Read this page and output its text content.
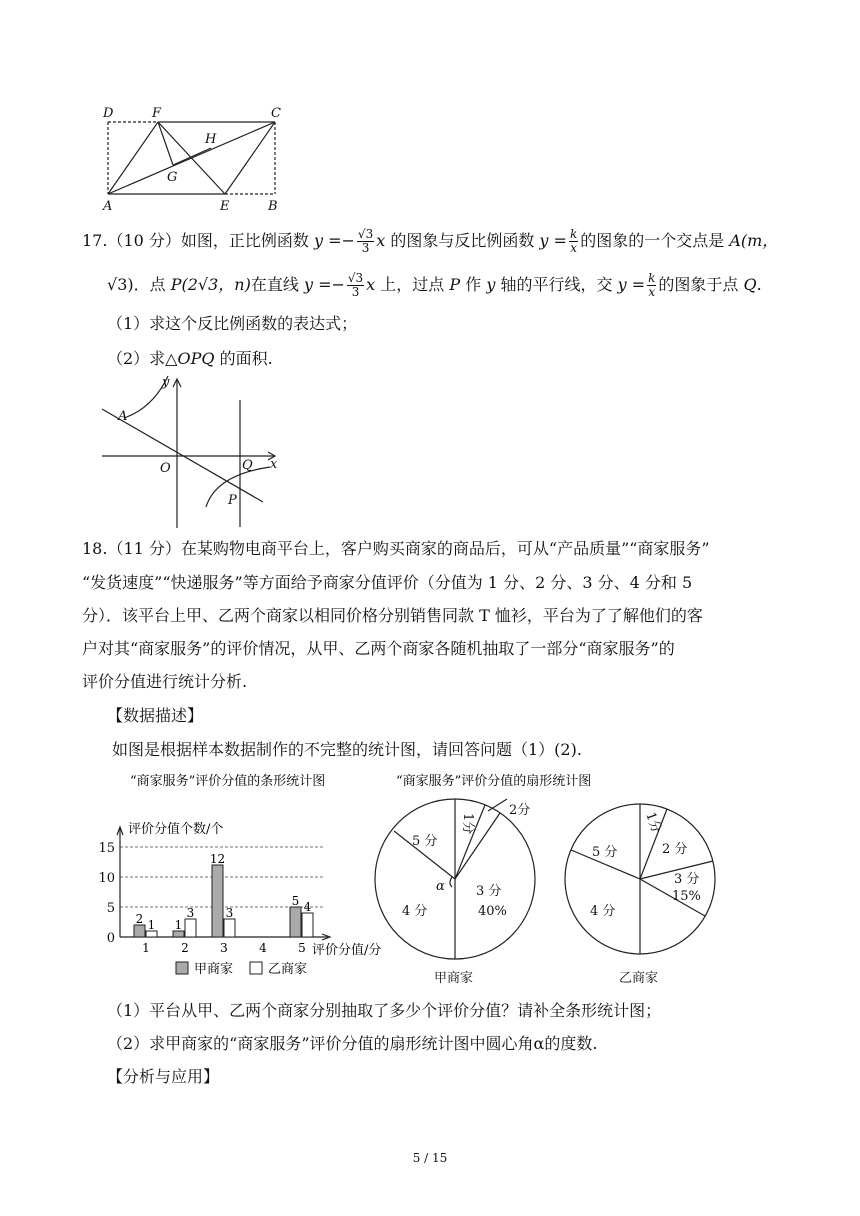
D	F	C
H
G
A	E	B
17.（10 分）如图，正比例函数 $y =- \frac{√3}{3}$ x 的图象与反比例函数 $y = \frac{k}{x}$ 的图象的一个交点是 A(m，
√3)．点 P(2√3，n)在直线 $y =- \frac{√3}{3}$ x 上，过点 P 作 y 轴的平行线，交 $y = \frac{k}{x}$ 的图象于点 Q.
（1）求这个反比例函数的表达式；
（2）求△OPQ 的面积.
y
x
A
O	Q
P
18.（11 分）在某购物电商平台上，客户购买商家的商品后，可从“产品质量”“商家服务”
“发货速度”“快递服务”等方面给予商家分值评价（分值为 1 分、2 分、3 分、4 分和 5
分）．该平台上甲、乙两个商家以相同价格分别销售同款 T 恤衫，平台为了了解他们的客
户对其“商家服务”的评价情况，从甲、乙两个商家各随机抽取了一部分“商家服务”的
评价分值进行统计分析.
【数据描述】
如图是根据样本数据制作的不完整的统计图，请回答问题（1）(2).
“商家服务”评价分值的条形统计图
评价分值个数/个
评价分值/分
15
10
5
0
1
2 1
2
1
3
3
12
3
4	5
5 4
甲商家	乙商家
“商家服务”评价分值的扇形统计图
5 分
4 分
3 分
40%
2分
1分
α
甲商家
5 分
4 分
2 分
3 分
15%
1分
乙商家
（1）平台从甲、乙两个商家分别抽取了多少个评价分值？请补全条形统计图；
（2）求甲商家的“商家服务”评价分值的扇形统计图中圆心角α的度数.
【分析与应用】
5 / 15
